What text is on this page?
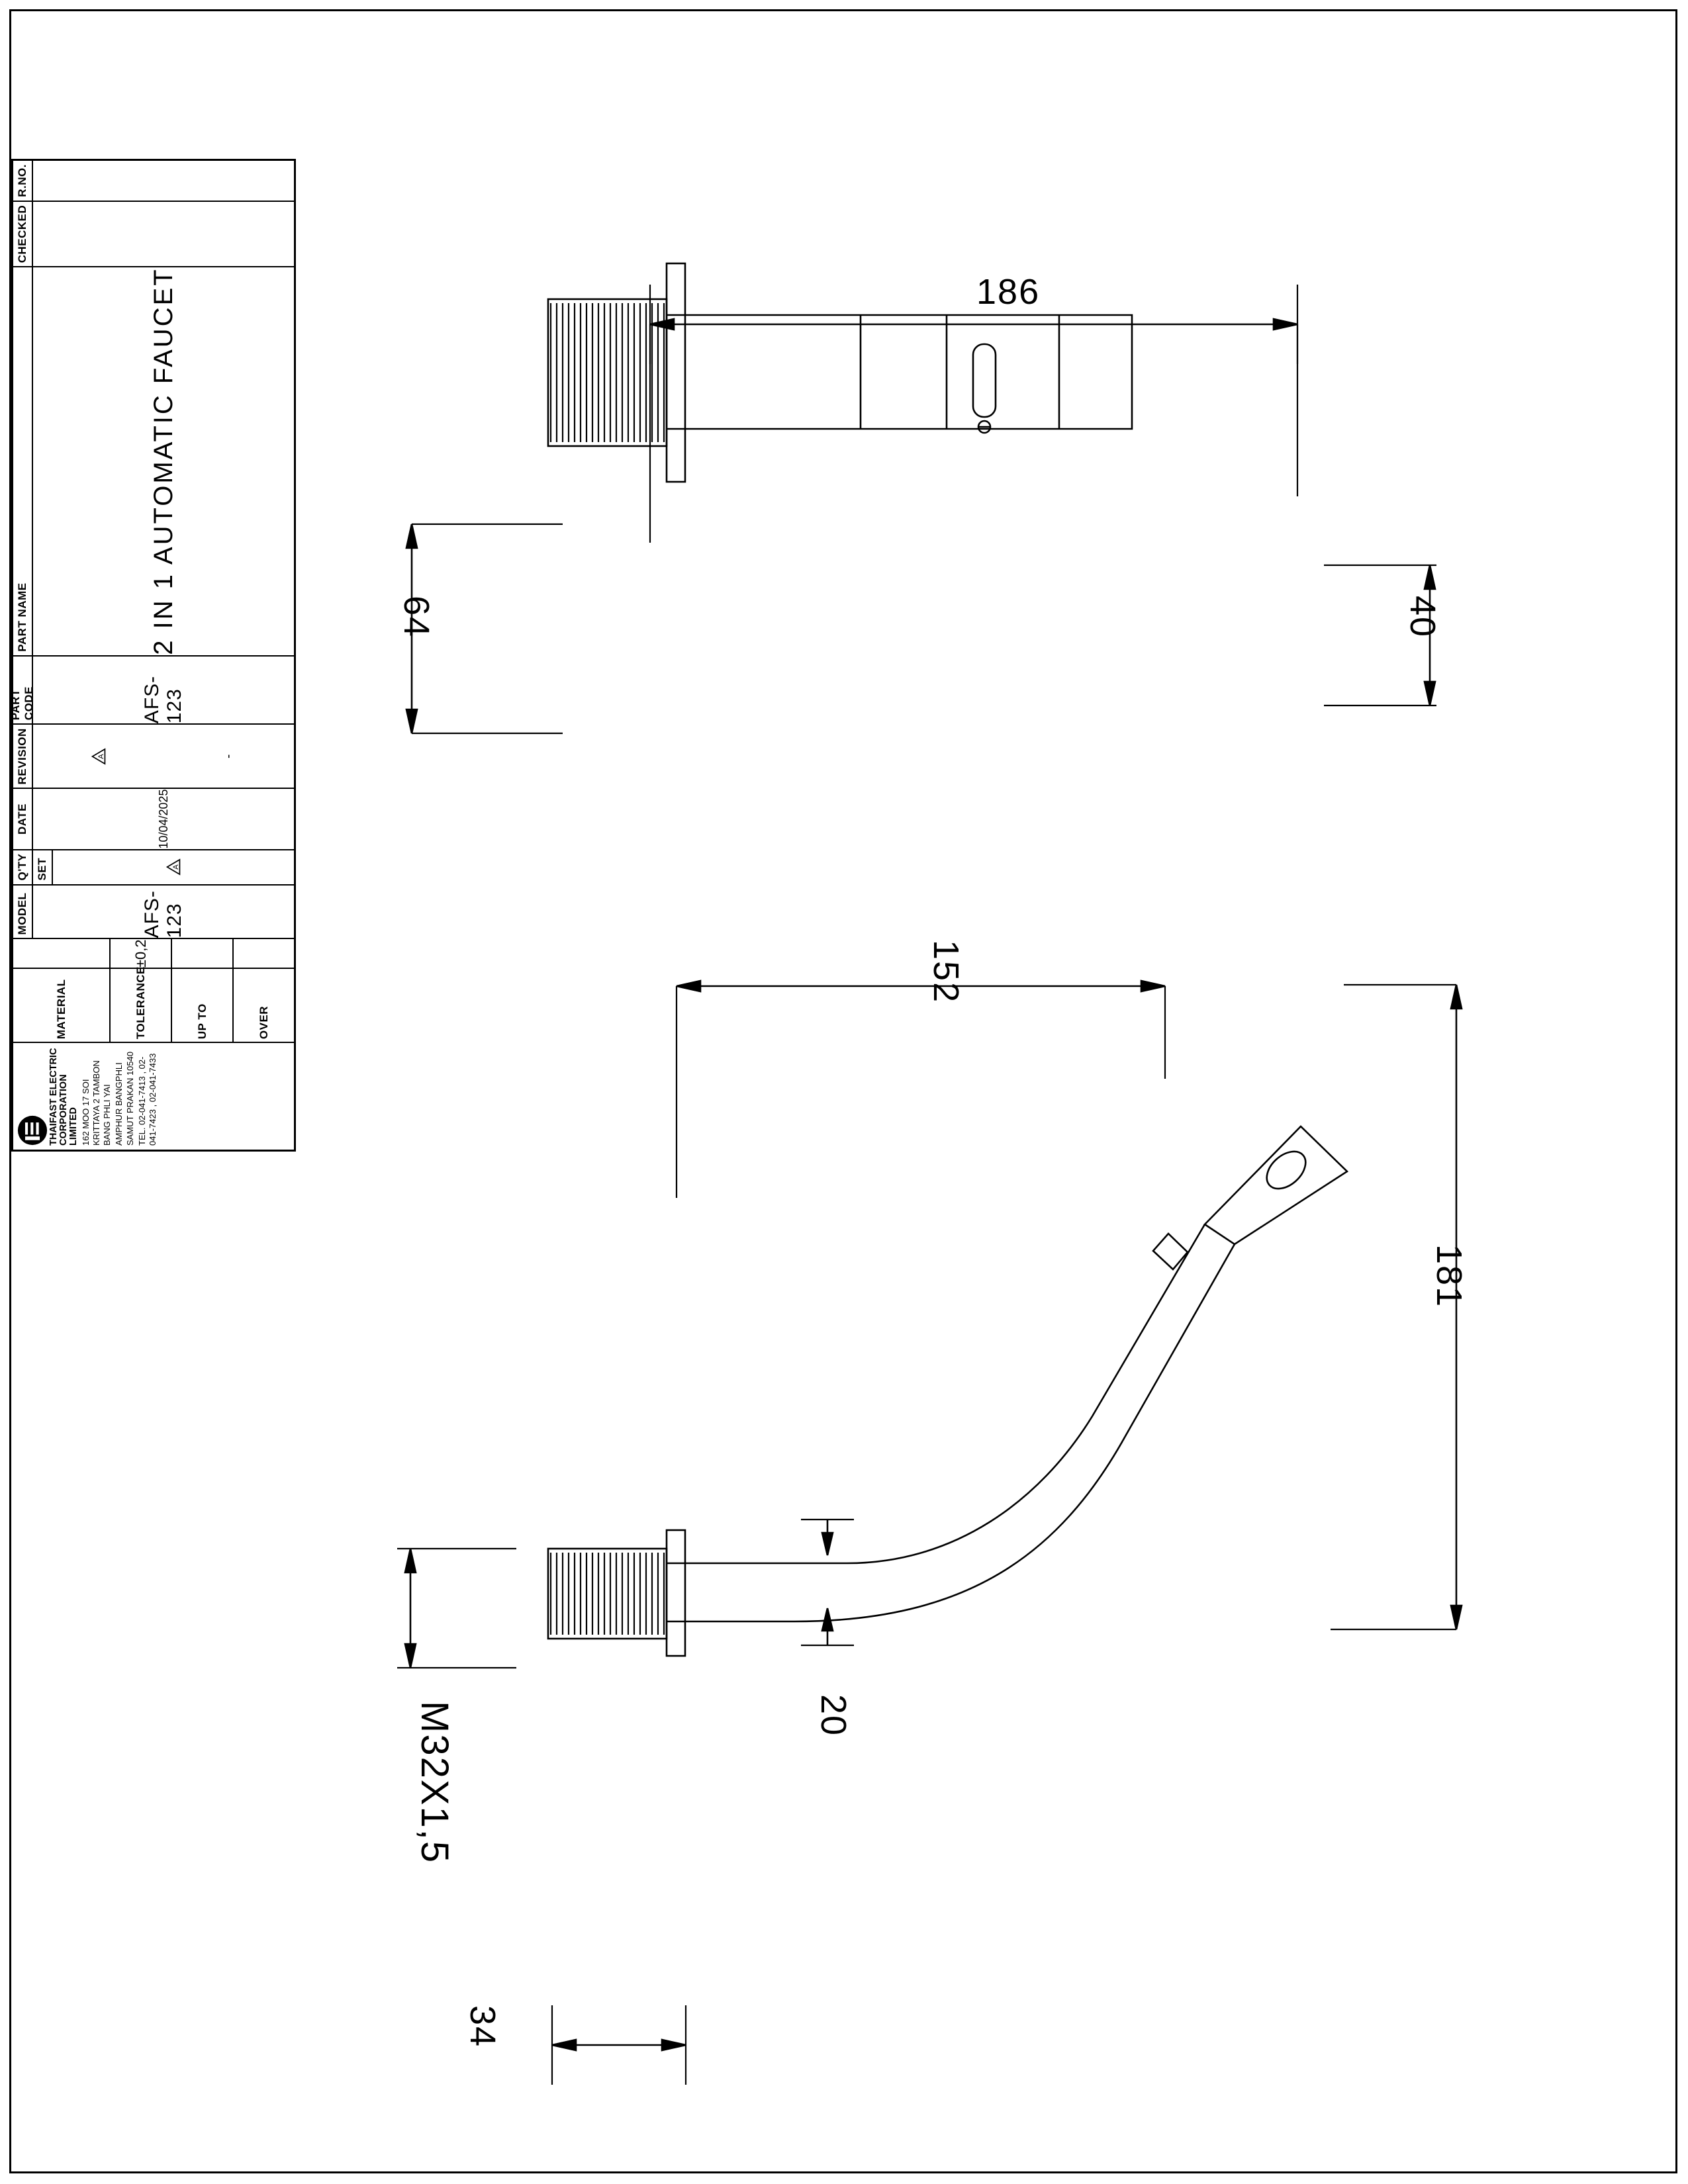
186
64	40
152
181
20
M32X1,5
34
THAIFAST ELECTRIC CORPORATION LIMITED 162 MOO 17 SOI KRITTAYA 2 TAMBON BANG PHLI YAI AMPHUR BANGPHLI SAMUT PRAKAN 10540 TEL. 02-041-7413 , 02-041-7423 , 02-041-7433
MATERIAL	TOLERANCE
±0,2
UP TO	OVER
MODEL	AFS-123
Q'TY SET	A
DATE	10/04/2025
REVISION	A	-
PART CODE	AFS-123
PART NAME	2 IN 1 AUTOMATIC FAUCET
CHECKED
R.NO.
